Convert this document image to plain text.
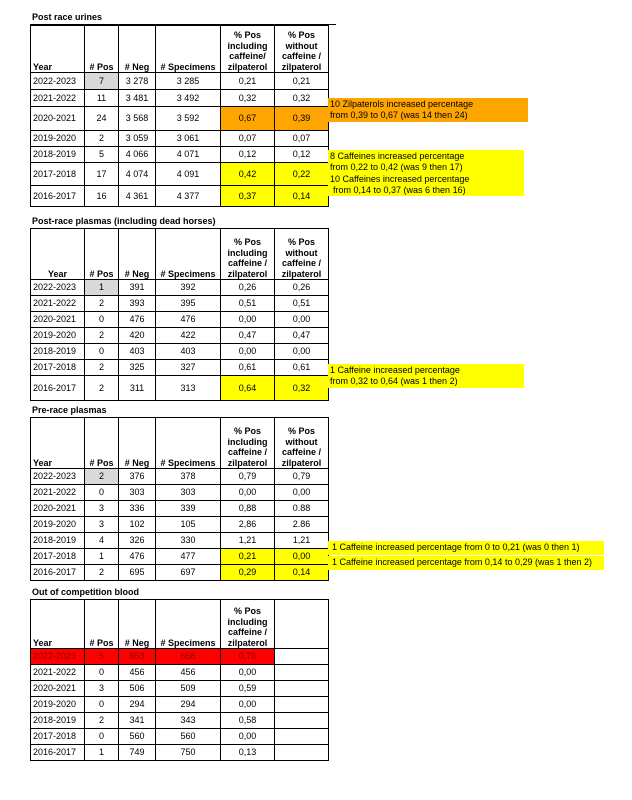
Post race urines
Year	# Pos	# Neg	# Specimens	% Pos including caffeine/ zilpaterol	% Pos without caffeine / zilpaterol
2022-2023	7	3 278	3 285	0,21	0,21
2021-2022	11	3 481	3 492	0,32	0,32
2020-2021	24	3 568	3 592	0,67	0,39
2019-2020	2	3 059	3 061	0,07	0,07
2018-2019	5	4 066	4 071	0,12	0,12
2017-2018	17	4 074	4 091	0,42	0,22
2016-2017	16	4 361	4 377	0,37	0,14
10 Zilpaterols increased percentage
from 0,39 to 0,67 (was 14 then 24)
8 Caffeines increased percentage
from 0,22 to 0,42 (was 9 then 17)
10 Caffeines increased percentage
from 0,14 to 0,37 (was 6 then 16)
Post-race plasmas (including dead horses)
Year	# Pos	# Neg	# Specimens	% Pos including caffeine / zilpaterol	% Pos without caffeine / zilpaterol
2022-2023	1	391	392	0,26	0,26
2021-2022	2	393	395	0,51	0,51
2020-2021	0	476	476	0,00	0,00
2019-2020	2	420	422	0,47	0,47
2018-2019	0	403	403	0,00	0,00
2017-2018	2	325	327	0,61	0,61
2016-2017	2	311	313	0,64	0,32
1 Caffeine increased percentage
from 0,32 to 0,64 (was 1 then 2)
Pre-race plasmas
Year	# Pos	# Neg	# Specimens	% Pos including caffeine / zilpaterol	% Pos without caffeine / zilpaterol
2022-2023	2	376	378	0,79	0,79
2021-2022	0	303	303	0,00	0,00
2020-2021	3	336	339	0,88	0.88
2019-2020	3	102	105	2,86	2.86
2018-2019	4	326	330	1,21	1,21
2017-2018	1	476	477	0,21	0,00
2016-2017	2	695	697	0,29	0,14
1 Caffeine increased percentage from 0 to 0,21 (was 0 then 1)
1 Caffeine increased percentage from 0,14 to 0,29 (was 1 then 2)
Out of competition blood
Year	# Pos	# Neg	# Specimens	% Pos including caffeine / zilpaterol	
2022-2023	5	653	658	0,76	
2021-2022	0	456	456	0,00	
2020-2021	3	506	509	0,59	
2019-2020	0	294	294	0,00	
2018-2019	2	341	343	0,58	
2017-2018	0	560	560	0,00	
2016-2017	1	749	750	0,13	
